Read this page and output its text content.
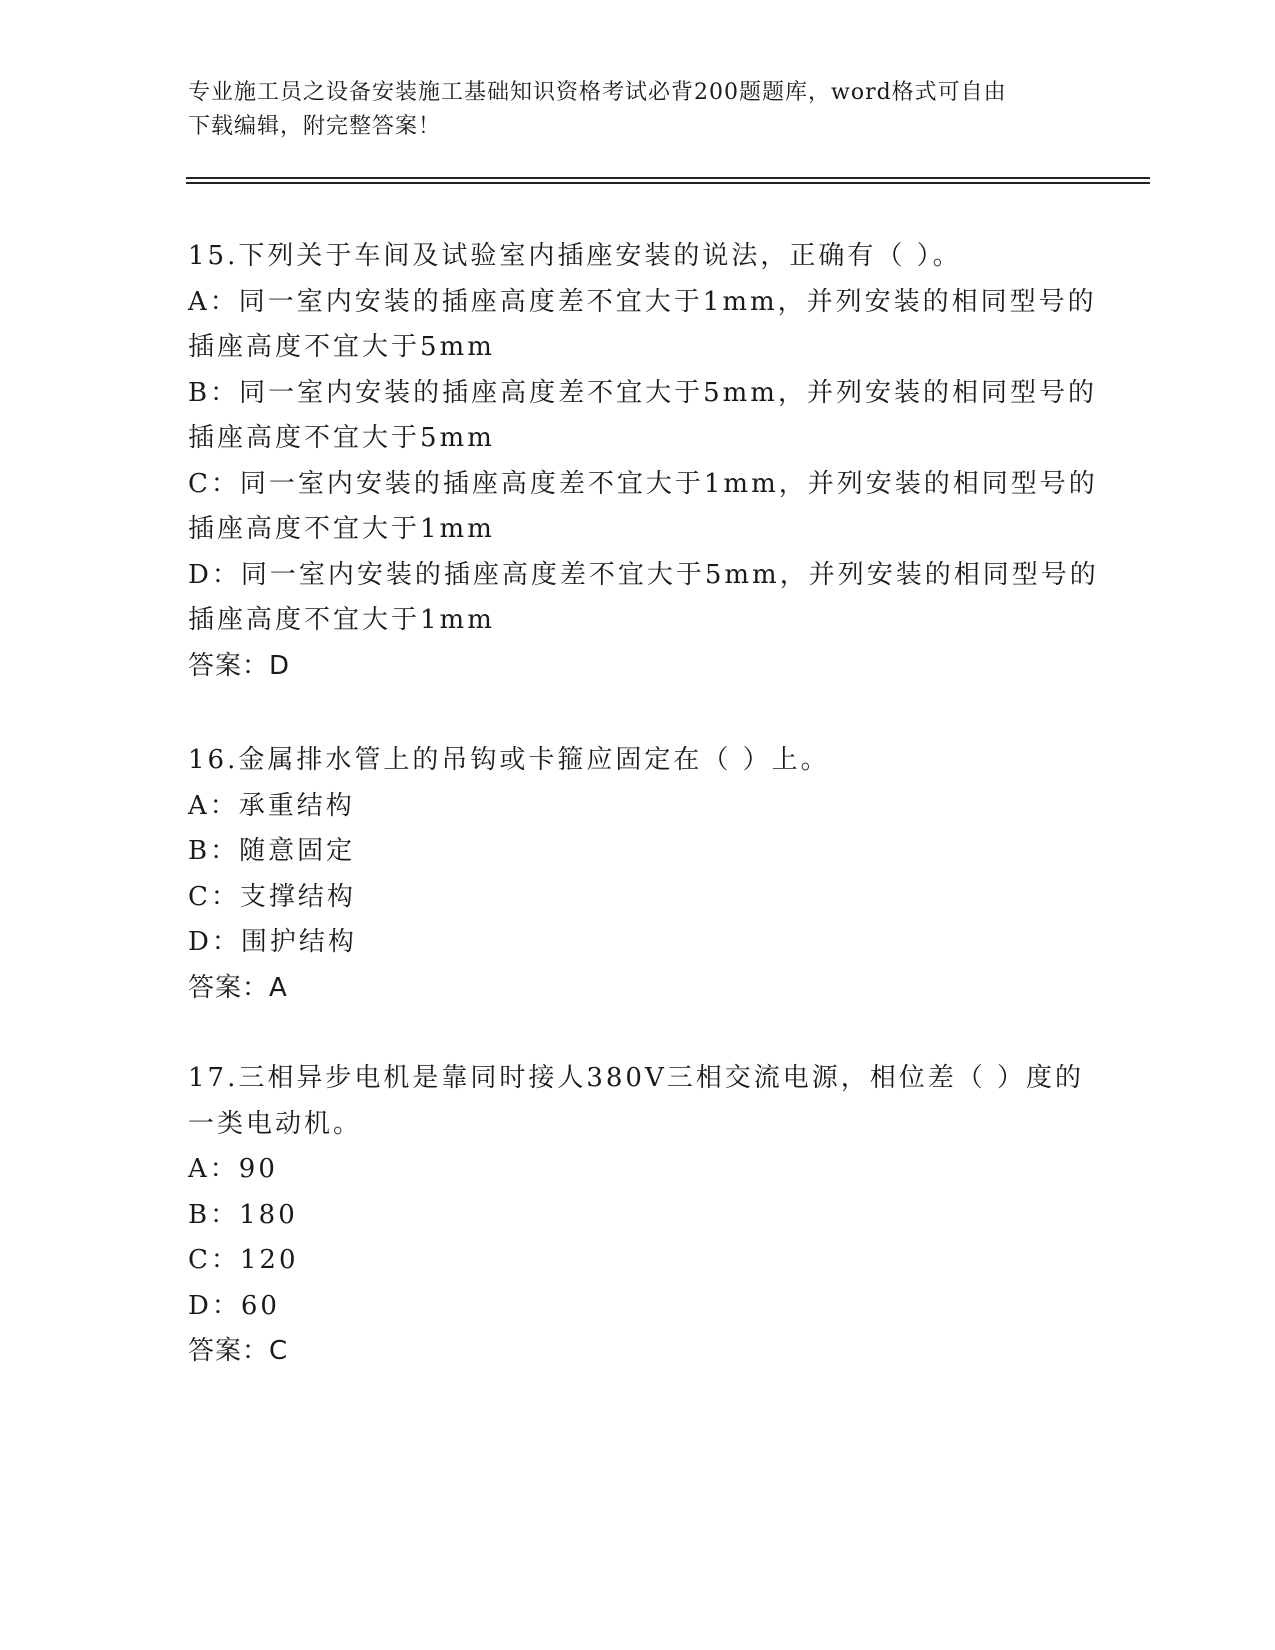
专业施工员之设备安装施工基础知识资格考试必背200题题库，word格式可自由
下载编辑，附完整答案！
15.下列关于车间及试验室内插座安装的说法，正确有（ ）。
A：同一室内安装的插座高度差不宜大于1mm，并列安装的相同型号的
插座高度不宜大于5mm
B：同一室内安装的插座高度差不宜大于5mm，并列安装的相同型号的
插座高度不宜大于5mm
C：同一室内安装的插座高度差不宜大于1mm，并列安装的相同型号的
插座高度不宜大于1mm
D：同一室内安装的插座高度差不宜大于5mm，并列安装的相同型号的
插座高度不宜大于1mm
答案：D
16.金属排水管上的吊钩或卡箍应固定在（ ）上。
A：承重结构
B：随意固定
C：支撑结构
D：围护结构
答案：A
17.三相异步电机是靠同时接人380V三相交流电源，相位差（ ）度的
一类电动机。
A：90
B：180
C：120
D：60
答案：C
